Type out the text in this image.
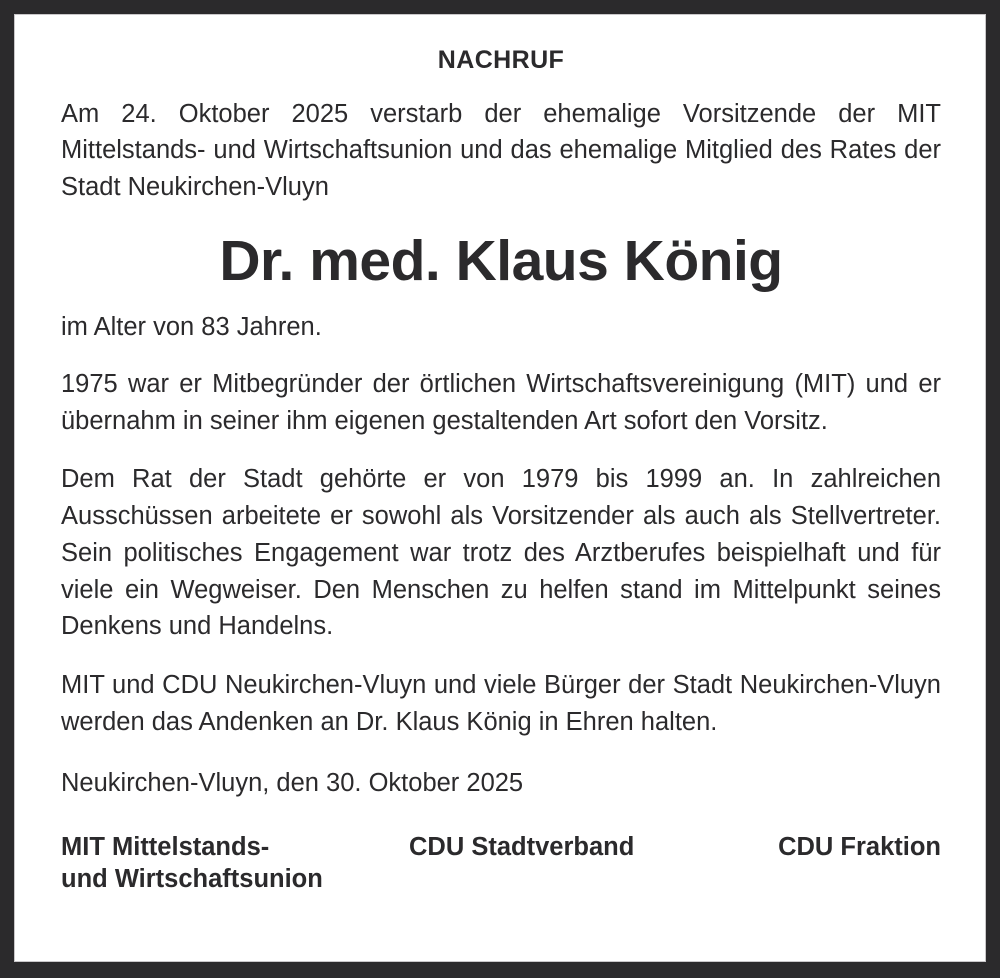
NACHRUF

Am 24. Oktober 2025 verstarb der ehemalige Vorsitzende der MIT Mittelstands- und Wirtschaftsunion und das ehemalige Mitglied des Rates der Stadt Neukirchen-Vluyn

Dr. med. Klaus König

im Alter von 83 Jahren.

1975 war er Mitbegründer der örtlichen Wirtschaftsvereinigung (MIT) und er übernahm in seiner ihm eigenen gestaltenden Art sofort den Vorsitz.

Dem Rat der Stadt gehörte er von 1979 bis 1999 an. In zahlreichen Ausschüssen arbeitete er sowohl als Vorsitzender als auch als Stellvertreter. Sein politisches Engagement war trotz des Arztberufes beispielhaft und für viele ein Wegweiser. Den Menschen zu helfen stand im Mittelpunkt seines Denkens und Handelns.

MIT und CDU Neukirchen-Vluyn und viele Bürger der Stadt Neukirchen-Vluyn werden das Andenken an Dr. Klaus König in Ehren halten.

Neukirchen-Vluyn, den 30. Oktober 2025

MIT Mittelstands-
und Wirtschaftsunion
CDU Stadtverband	CDU Fraktion
